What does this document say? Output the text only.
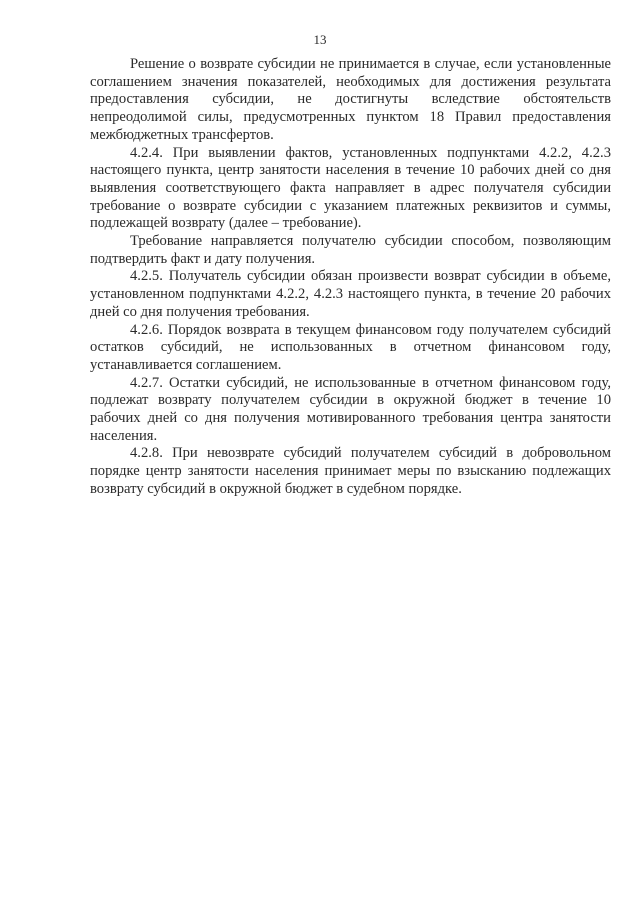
13

Решение о возврате субсидии не принимается в случае, если установленные соглашением значения показателей, необходимых для достижения результата предоставления субсидии, не достигнуты вследствие обстоятельств непреодолимой силы, предусмотренных пунктом 18 Правил предоставления межбюджетных трансфертов.

4.2.4. При выявлении фактов, установленных подпунктами 4.2.2, 4.2.3 настоящего пункта, центр занятости населения в течение 10 рабочих дней со дня выявления соответствующего факта направляет в адрес получателя субсидии требование о возврате субсидии с указанием платежных реквизитов и суммы, подлежащей возврату (далее – требование).

Требование направляется получателю субсидии способом, позволяющим подтвердить факт и дату получения.

4.2.5. Получатель субсидии обязан произвести возврат субсидии в объеме, установленном подпунктами 4.2.2, 4.2.3 настоящего пункта, в течение 20 рабочих дней со дня получения требования.

4.2.6. Порядок возврата в текущем финансовом году получателем субсидий остатков субсидий, не использованных в отчетном финансовом году, устанавливается соглашением.

4.2.7. Остатки субсидий, не использованные в отчетном финансовом году, подлежат возврату получателем субсидии в окружной бюджет в течение 10 рабочих дней со дня получения мотивированного требования центра занятости населения.

4.2.8. При невозврате субсидий получателем субсидий в добровольном порядке центр занятости населения принимает меры по взысканию подлежащих возврату субсидий в окружной бюджет в судебном порядке.
